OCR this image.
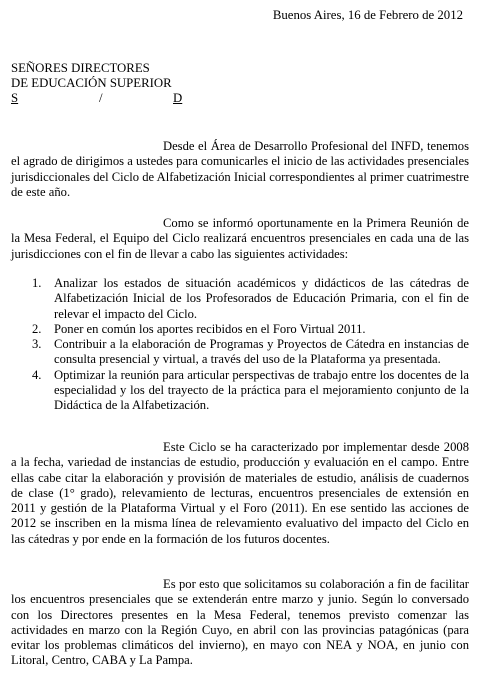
Buenos Aires, 16 de Febrero de 2012
SEÑORES DIRECTORES
DE EDUCACIÓN SUPERIOR
S	/	D

Desde el Área de Desarrollo Profesional del INFD, tenemos el agrado de dirigimos a ustedes para comunicarles el inicio de las actividades presenciales jurisdiccionales del Ciclo de Alfabetización Inicial correspondientes al primer cuatrimestre de este año.

Como se informó oportunamente en la Primera Reunión de la Mesa Federal, el Equipo del Ciclo realizará encuentros presenciales en cada una de las jurisdicciones con el fin de llevar a cabo las siguientes actividades:

1. Analizar los estados de situación académicos y didácticos de las cátedras de Alfabetización Inicial de los Profesorados de Educación Primaria, con el fin de relevar el impacto del Ciclo.
2. Poner en común los aportes recibidos en el Foro Virtual 2011.
3. Contribuir a la elaboración de Programas y Proyectos de Cátedra en instancias de consulta presencial y virtual, a través del uso de la Plataforma ya presentada.
4. Optimizar la reunión para articular perspectivas de trabajo entre los docentes de la especialidad y los del trayecto de la práctica para el mejoramiento conjunto de la Didáctica de la Alfabetización.

Este Ciclo se ha caracterizado por implementar desde 2008 a la fecha, variedad de instancias de estudio, producción y evaluación en el campo. Entre ellas cabe citar la elaboración y provisión de materiales de estudio, análisis de cuadernos de clase (1° grado), relevamiento de lecturas, encuentros presenciales de extensión en 2011 y gestión de la Plataforma Virtual y el Foro (2011). En ese sentido las acciones de 2012 se inscriben en la misma línea de relevamiento evaluativo del impacto del Ciclo en las cátedras y por ende en la formación de los futuros docentes.

Es por esto que solicitamos su colaboración a fin de facilitar los encuentros presenciales que se extenderán entre marzo y junio. Según lo conversado con los Directores presentes en la Mesa Federal, tenemos previsto comenzar las actividades en marzo con la Región Cuyo, en abril con las provincias patagónicas (para evitar los problemas climáticos del invierno), en mayo con NEA y NOA, en junio con Litoral, Centro, CABA y La Pampa.
